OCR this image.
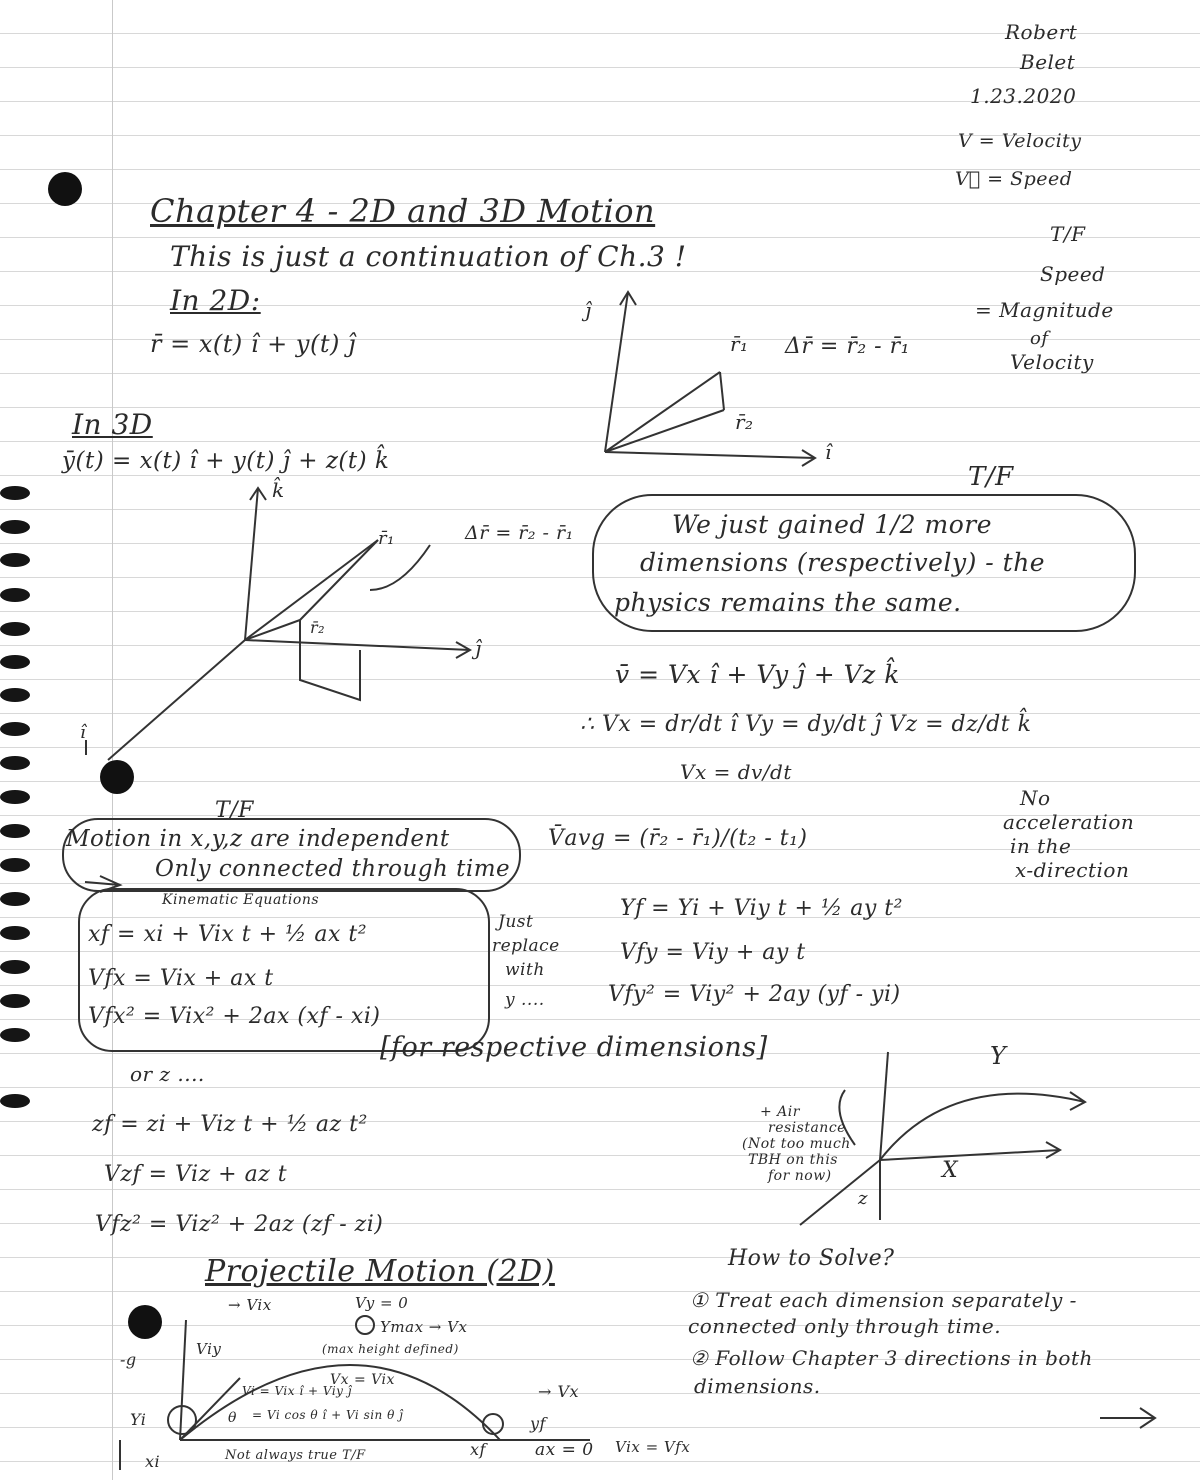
Robert
Belet
1.23.2020
V = Velocity
V⃗ = Speed
T/F
Speed
= Magnitude
of
Velocity
Chapter 4 - 2D and 3D Motion
This is just a continuation of Ch.3 !
In 2D:
r̄ = x(t) î + y(t) ĵ
ĵ
î
r̄₁
r̄₂
Δr̄ = r̄₂ - r̄₁
In 3D
ȳ(t) = x(t) î + y(t) ĵ + z(t) k̂
k̂
ĵ
î
r̄₁
r̄₂
Δr̄ = r̄₂ - r̄₁
T/F
We just gained 1/2 more
dimensions (respectively) - the
physics remains the same.
v̄ = Vx î + Vy ĵ + Vz k̂
∴ Vx = dr/dt î Vy = dy/dt ĵ Vz = dz/dt k̂
Vx = dv/dt
T/F
Motion in x,y,z are independent
Only connected through time
V̄avg = (r̄₂ - r̄₁)/(t₂ - t₁)
No
acceleration
in the
x-direction
Kinematic Equations
xf = xi + Vix t + ½ ax t²
Vfx = Vix + ax t
Vfx² = Vix² + 2ax (xf - xi)
Just
replace
with
y ....
Yf = Yi + Viy t + ½ ay t²
Vfy = Viy + ay t
Vfy² = Viy² + 2ay (yf - yi)
[for respective dimensions]
or z ....
zf = zi + Viz t + ½ az t²
Vzf = Viz + az t
Vfz² = Viz² + 2az (zf - zi)
+ Air
resistance
(Not too much
TBH on this
for now)
Y
X
z
Projectile Motion (2D)
→ Vix
Viy
Vy = 0
Ymax → Vx
(max height defined)
Vx = Vix
Vi = Vix î + Viy ĵ
= Vi cos θ î + Vi sin θ ĵ
θ
→ Vx
Yi	yf
xi
xf	ax = 0 Vix = Vfx
Not always true T/F
-g
How to Solve?
① Treat each dimension separately -
connected only through time.
② Follow Chapter 3 directions in both
dimensions.
